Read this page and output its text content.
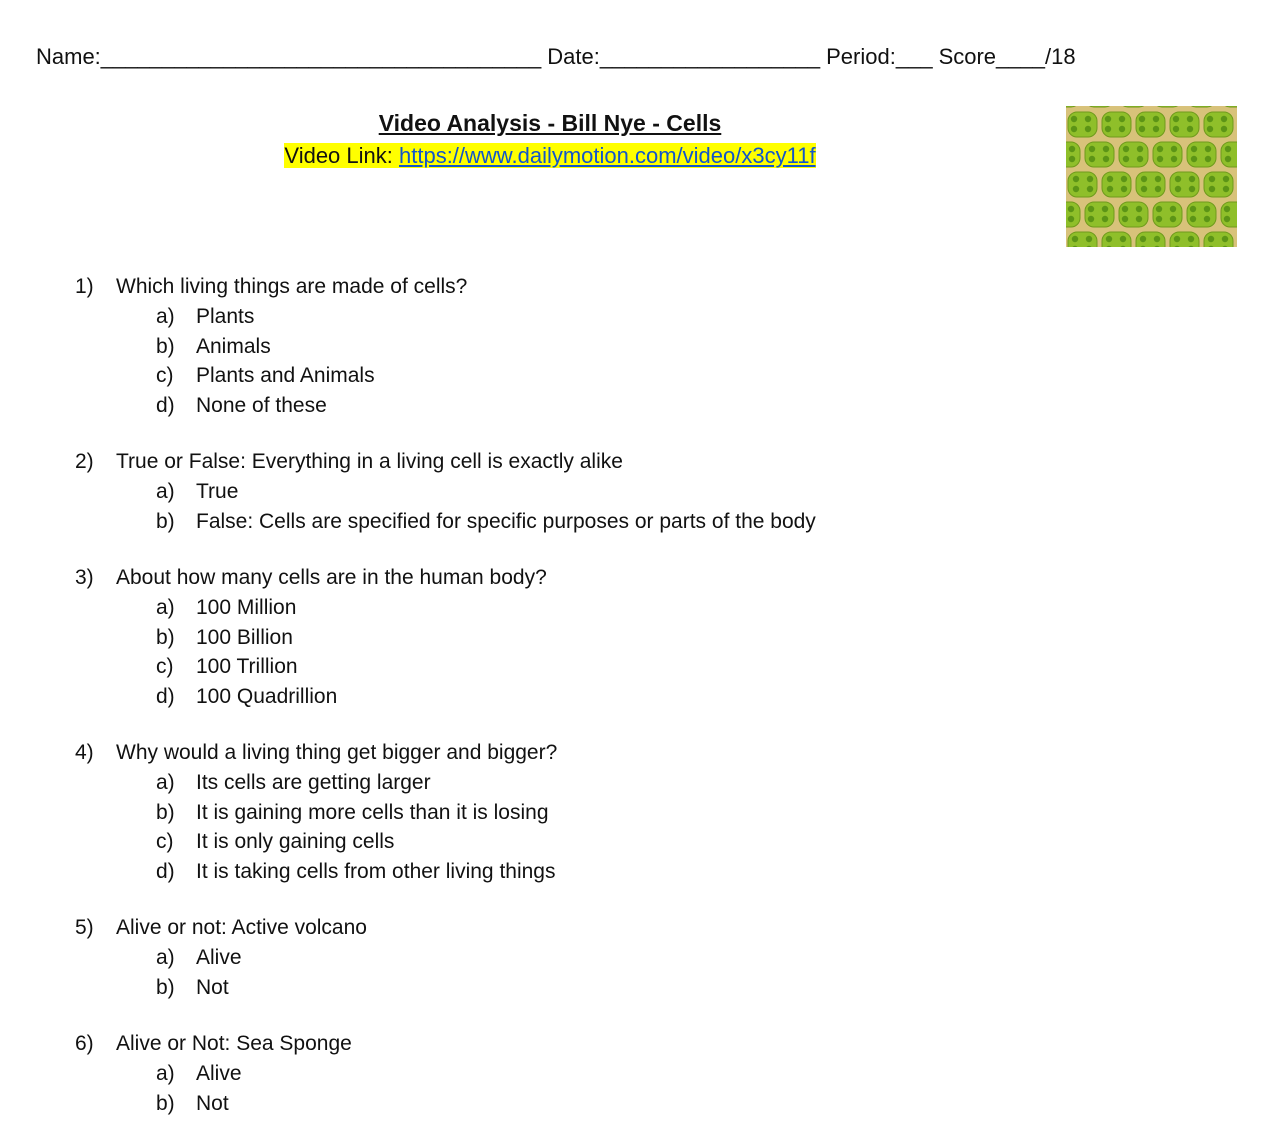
Name: ____________________________________ Date: __________________ Period: ___ Score ____ /18
Video Analysis - Bill Nye - Cells
Video Link: https://www.dailymotion.com/video/x3cy11f
1) Which living things are made of cells?
a) Plants
b) Animals
c) Plants and Animals
d) None of these
2) True or False: Everything in a living cell is exactly alike
a) True
b) False: Cells are specified for specific purposes or parts of the body
3) About how many cells are in the human body?
a) 100 Million
b) 100 Billion
c) 100 Trillion
d) 100 Quadrillion
4) Why would a living thing get bigger and bigger?
a) Its cells are getting larger
b) It is gaining more cells than it is losing
c) It is only gaining cells
d) It is taking cells from other living things
5) Alive or not: Active volcano
a) Alive
b) Not
6) Alive or Not: Sea Sponge
a) Alive
b) Not
